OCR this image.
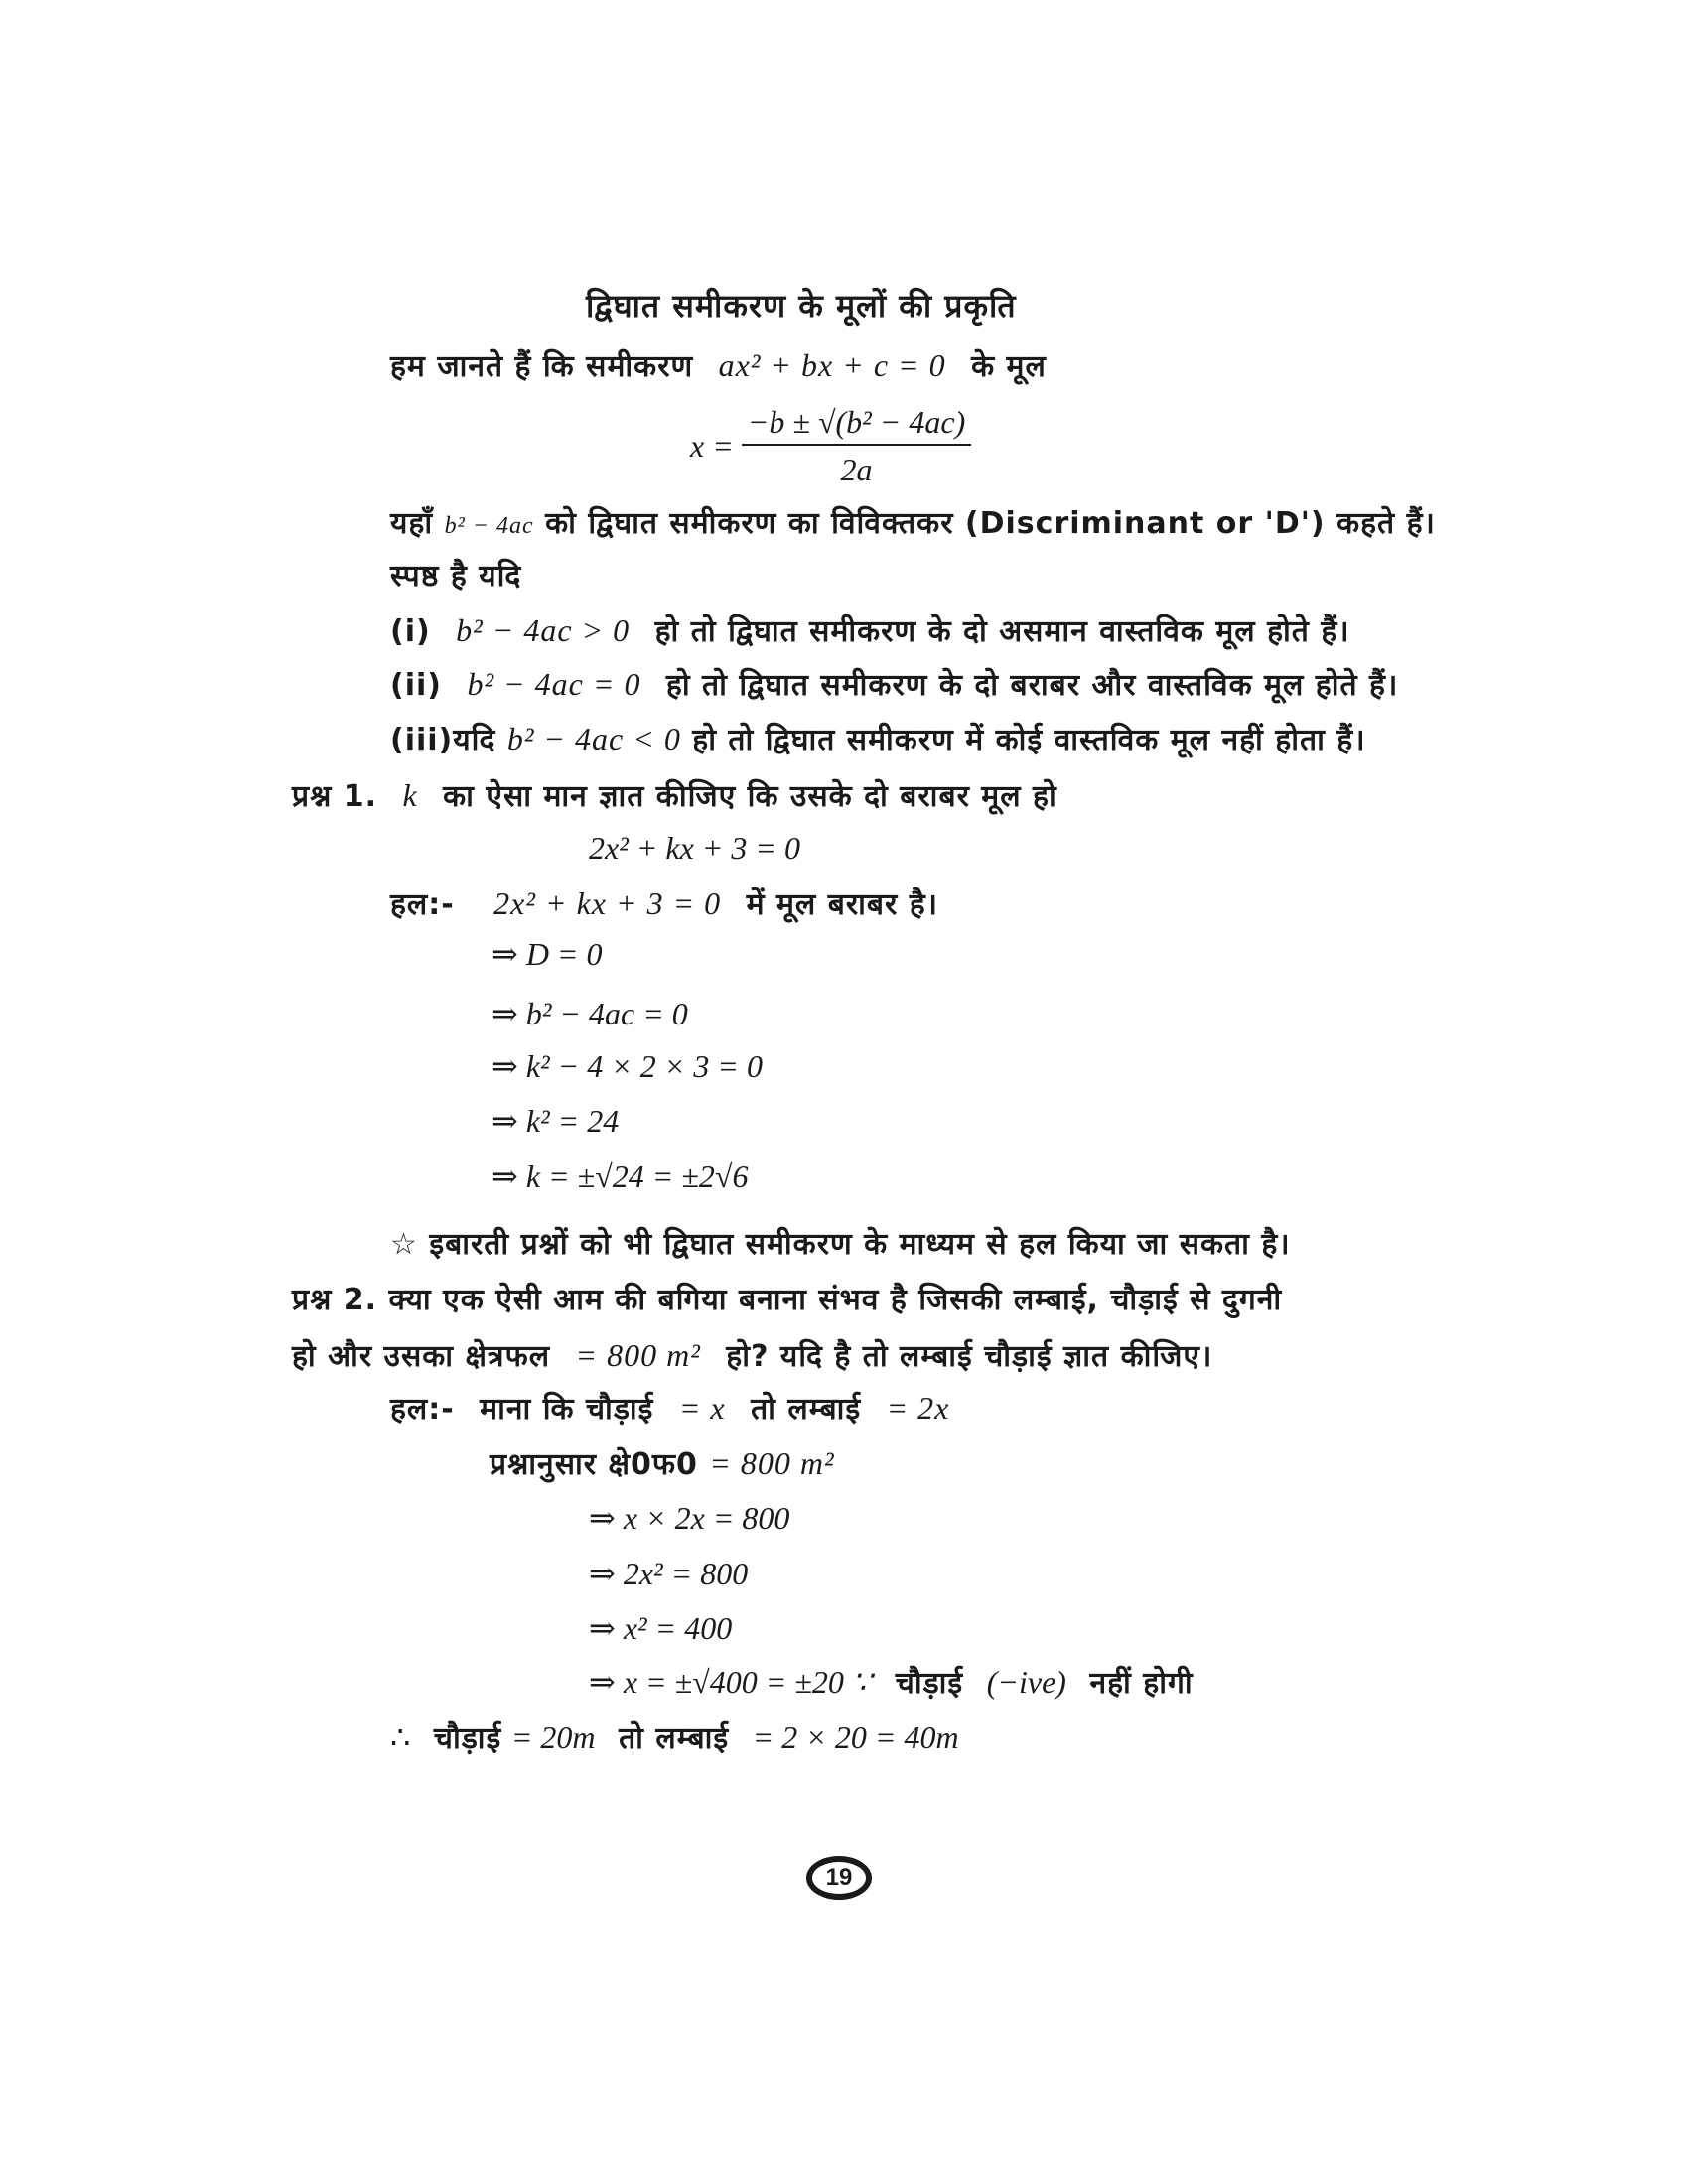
द्विघात समीकरण के मूलों की प्रकृति
हम जानते हैं कि समीकरण ax² + bx + c = 0 के मूल
$x = \frac{\text{−b ± √(b² − 4ac)}}{2a}$
यहाँ b² − 4ac को द्विघात समीकरण का विविक्तकर (Discriminant or 'D') कहते हैं।
स्पष्ठ है यदि
(i) b² − 4ac > 0 हो तो द्विघात समीकरण के दो असमान वास्तविक मूल होते हैं।
(ii) b² − 4ac = 0 हो तो द्विघात समीकरण के दो बराबर और वास्तविक मूल होते हैं।
(iii)यदि b² − 4ac < 0 हो तो द्विघात समीकरण में कोई वास्तविक मूल नहीं होता हैं।
प्रश्न 1. k का ऐसा मान ज्ञात कीजिए कि उसके दो बराबर मूल हो
2x² + kx + 3 = 0
हल:- 2x² + kx + 3 = 0 में मूल बराबर है।
⇒ D = 0
⇒ b² − 4ac = 0
⇒ k² − 4 × 2 × 3 = 0
⇒ k² = 24
⇒ k = ±√24 = ±2√6
☆ इबारती प्रश्नों को भी द्विघात समीकरण के माध्यम से हल किया जा सकता है।
प्रश्न 2. क्या एक ऐसी आम की बगिया बनाना संभव है जिसकी लम्बाई, चौड़ाई से दुगनी
हो और उसका क्षेत्रफल = 800 m² हो? यदि है तो लम्बाई चौड़ाई ज्ञात कीजिए।
हल:- माना कि चौड़ाई = x तो लम्बाई = 2x
प्रश्नानुसार क्षे0फ0 = 800 m²
⇒ x × 2x = 800
⇒ 2x² = 800
⇒ x² = 400
⇒ x = ±√400 = ±20 ∵ चौड़ाई (−ive) नहीं होगी
∴ चौड़ाई = 20m तो लम्बाई = 2 × 20 = 40m
19
